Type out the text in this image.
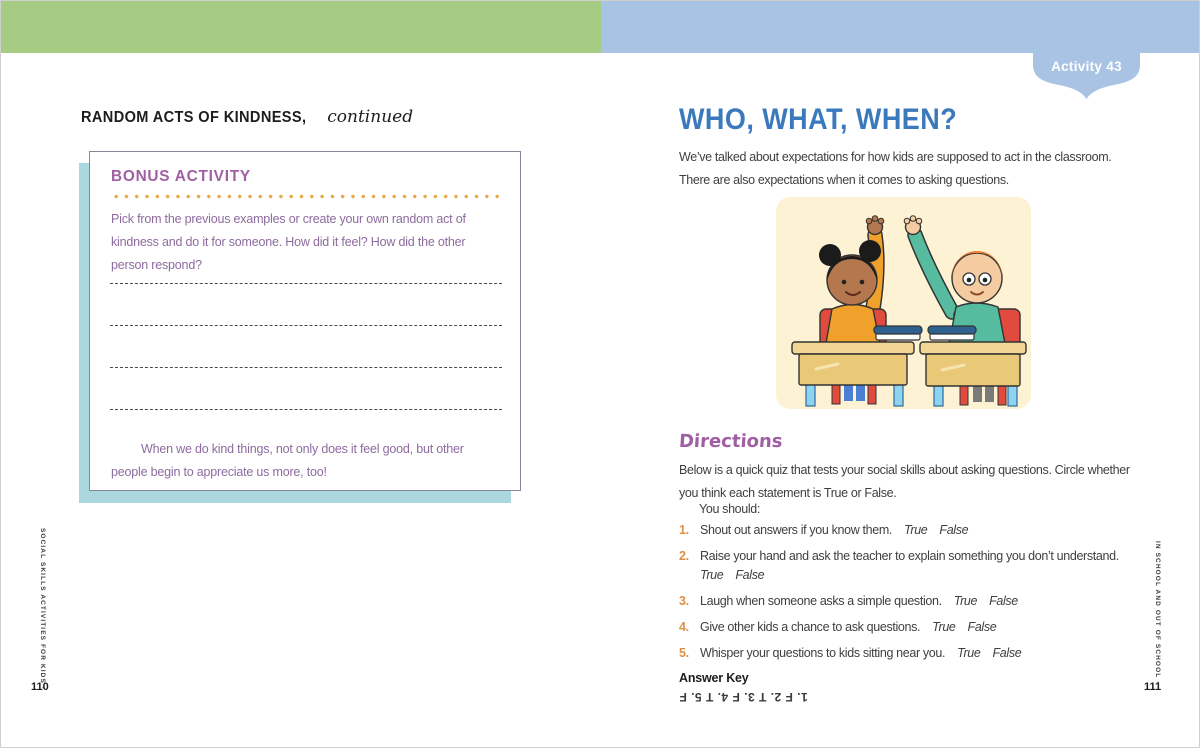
Activity 43
RANDOM ACTS OF KINDNESS, continued
BONUS ACTIVITY
Pick from the previous examples or create your own random act of kindness and do it for someone. How did it feel? How did the other person respond?
When we do kind things, not only does it feel good, but other people begin to appreciate us more, too!
SOCIAL SKILLS ACTIVITIES FOR KIDS ·
110
WHO, WHAT, WHEN?
We’ve talked about expectations for how kids are supposed to act in the classroom. There are also expectations when it comes to asking questions.
Directions
Below is a quick quiz that tests your social skills about asking questions. Circle whether you think each statement is True or False.
You should:
1. Shout out answers if you know them. True False
2. Raise your hand and ask the teacher to explain something you don’t understand.
True False
3. Laugh when someone asks a simple question. True False
4. Give other kids a chance to ask questions. True False
5. Whisper your questions to kids sitting near you. True False
Answer Key
1. F 2. T 3. F 4. T 5. F
IN SCHOOL AND OUT OF SCHOOL ·
111
